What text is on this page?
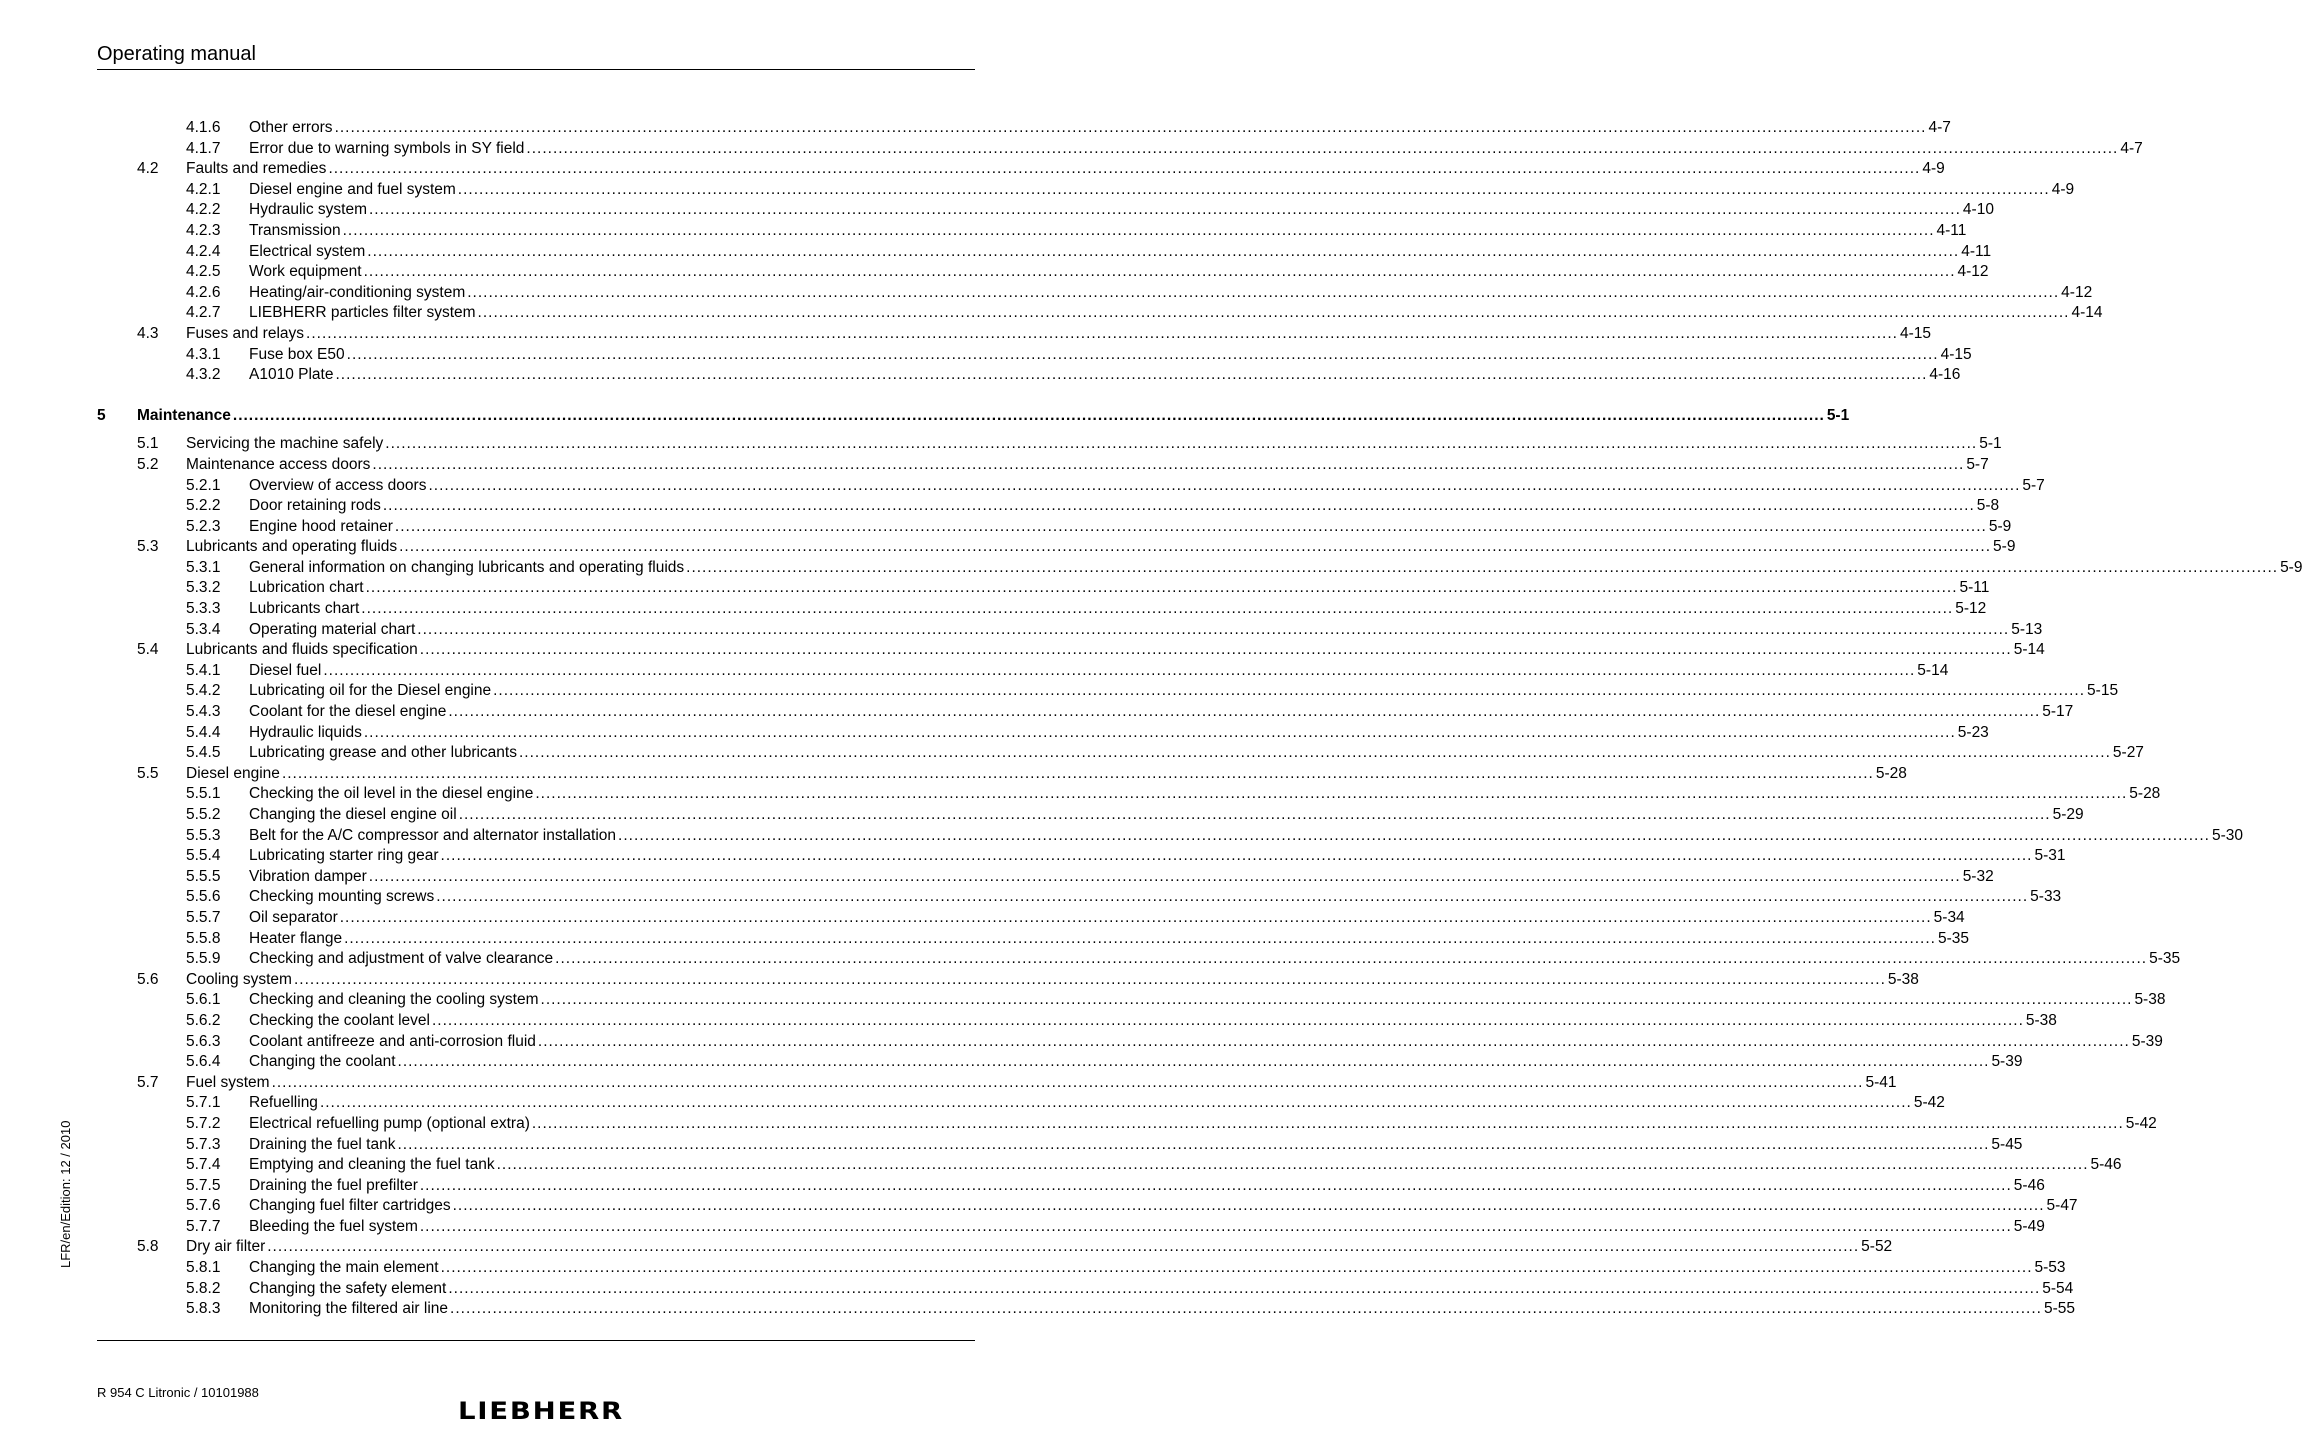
Operating manual
4.1.6 Other errors ............................................................................................................................................................................................................................................................................................................ 4-7
4.1.7 Error due to warning symbols in SY field ............................................................................................................................................................................................................................................................................................................ 4-7
4.2 Faults and remedies ............................................................................................................................................................................................................................................................................................................ 4-9
4.2.1 Diesel engine and fuel system ............................................................................................................................................................................................................................................................................................................ 4-9
4.2.2 Hydraulic system ............................................................................................................................................................................................................................................................................................................ 4-10
4.2.3 Transmission ............................................................................................................................................................................................................................................................................................................ 4-11
4.2.4 Electrical system ............................................................................................................................................................................................................................................................................................................ 4-11
4.2.5 Work equipment ............................................................................................................................................................................................................................................................................................................ 4-12
4.2.6 Heating/air-conditioning system ............................................................................................................................................................................................................................................................................................................ 4-12
4.2.7 LIEBHERR particles filter system ............................................................................................................................................................................................................................................................................................................ 4-14
4.3 Fuses and relays ............................................................................................................................................................................................................................................................................................................ 4-15
4.3.1 Fuse box E50 ............................................................................................................................................................................................................................................................................................................ 4-15
4.3.2 A1010 Plate ............................................................................................................................................................................................................................................................................................................ 4-16
5 Maintenance ............................................................................................................................................................................................................................................................................................................ 5-1
5.1 Servicing the machine safely ............................................................................................................................................................................................................................................................................................................ 5-1
5.2 Maintenance access doors ............................................................................................................................................................................................................................................................................................................ 5-7
5.2.1 Overview of access doors ............................................................................................................................................................................................................................................................................................................ 5-7
5.2.2 Door retaining rods ............................................................................................................................................................................................................................................................................................................ 5-8
5.2.3 Engine hood retainer ............................................................................................................................................................................................................................................................................................................ 5-9
5.3 Lubricants and operating fluids ............................................................................................................................................................................................................................................................................................................ 5-9
5.3.1 General information on changing lubricants and operating fluids ............................................................................................................................................................................................................................................................................................................ 5-9
5.3.2 Lubrication chart ............................................................................................................................................................................................................................................................................................................ 5-11
5.3.3 Lubricants chart ............................................................................................................................................................................................................................................................................................................ 5-12
5.3.4 Operating material chart ............................................................................................................................................................................................................................................................................................................ 5-13
5.4 Lubricants and fluids specification ............................................................................................................................................................................................................................................................................................................ 5-14
5.4.1 Diesel fuel ............................................................................................................................................................................................................................................................................................................ 5-14
5.4.2 Lubricating oil for the Diesel engine ............................................................................................................................................................................................................................................................................................................ 5-15
5.4.3 Coolant for the diesel engine ............................................................................................................................................................................................................................................................................................................ 5-17
5.4.4 Hydraulic liquids ............................................................................................................................................................................................................................................................................................................ 5-23
5.4.5 Lubricating grease and other lubricants ............................................................................................................................................................................................................................................................................................................ 5-27
5.5 Diesel engine ............................................................................................................................................................................................................................................................................................................ 5-28
5.5.1 Checking the oil level in the diesel engine ............................................................................................................................................................................................................................................................................................................ 5-28
5.5.2 Changing the diesel engine oil ............................................................................................................................................................................................................................................................................................................ 5-29
5.5.3 Belt for the A/C compressor and alternator installation ............................................................................................................................................................................................................................................................................................................ 5-30
5.5.4 Lubricating starter ring gear ............................................................................................................................................................................................................................................................................................................ 5-31
5.5.5 Vibration damper ............................................................................................................................................................................................................................................................................................................ 5-32
5.5.6 Checking mounting screws ............................................................................................................................................................................................................................................................................................................ 5-33
5.5.7 Oil separator ............................................................................................................................................................................................................................................................................................................ 5-34
5.5.8 Heater flange ............................................................................................................................................................................................................................................................................................................ 5-35
5.5.9 Checking and adjustment of valve clearance ............................................................................................................................................................................................................................................................................................................ 5-35
5.6 Cooling system ............................................................................................................................................................................................................................................................................................................ 5-38
5.6.1 Checking and cleaning the cooling system ............................................................................................................................................................................................................................................................................................................ 5-38
5.6.2 Checking the coolant level ............................................................................................................................................................................................................................................................................................................ 5-38
5.6.3 Coolant antifreeze and anti-corrosion fluid ............................................................................................................................................................................................................................................................................................................ 5-39
5.6.4 Changing the coolant ............................................................................................................................................................................................................................................................................................................ 5-39
5.7 Fuel system ............................................................................................................................................................................................................................................................................................................ 5-41
5.7.1 Refuelling ............................................................................................................................................................................................................................................................................................................ 5-42
5.7.2 Electrical refuelling pump (optional extra) ............................................................................................................................................................................................................................................................................................................ 5-42
5.7.3 Draining the fuel tank ............................................................................................................................................................................................................................................................................................................ 5-45
5.7.4 Emptying and cleaning the fuel tank ............................................................................................................................................................................................................................................................................................................ 5-46
5.7.5 Draining the fuel prefilter ............................................................................................................................................................................................................................................................................................................ 5-46
5.7.6 Changing fuel filter cartridges ............................................................................................................................................................................................................................................................................................................ 5-47
5.7.7 Bleeding the fuel system ............................................................................................................................................................................................................................................................................................................ 5-49
5.8 Dry air filter ............................................................................................................................................................................................................................................................................................................ 5-52
5.8.1 Changing the main element ............................................................................................................................................................................................................................................................................................................ 5-53
5.8.2 Changing the safety element ............................................................................................................................................................................................................................................................................................................ 5-54
5.8.3 Monitoring the filtered air line ............................................................................................................................................................................................................................................................................................................ 5-55
LFR/en/Edition: 12 / 2010
R 954 C Litronic / 10101988
LIEBHERR
